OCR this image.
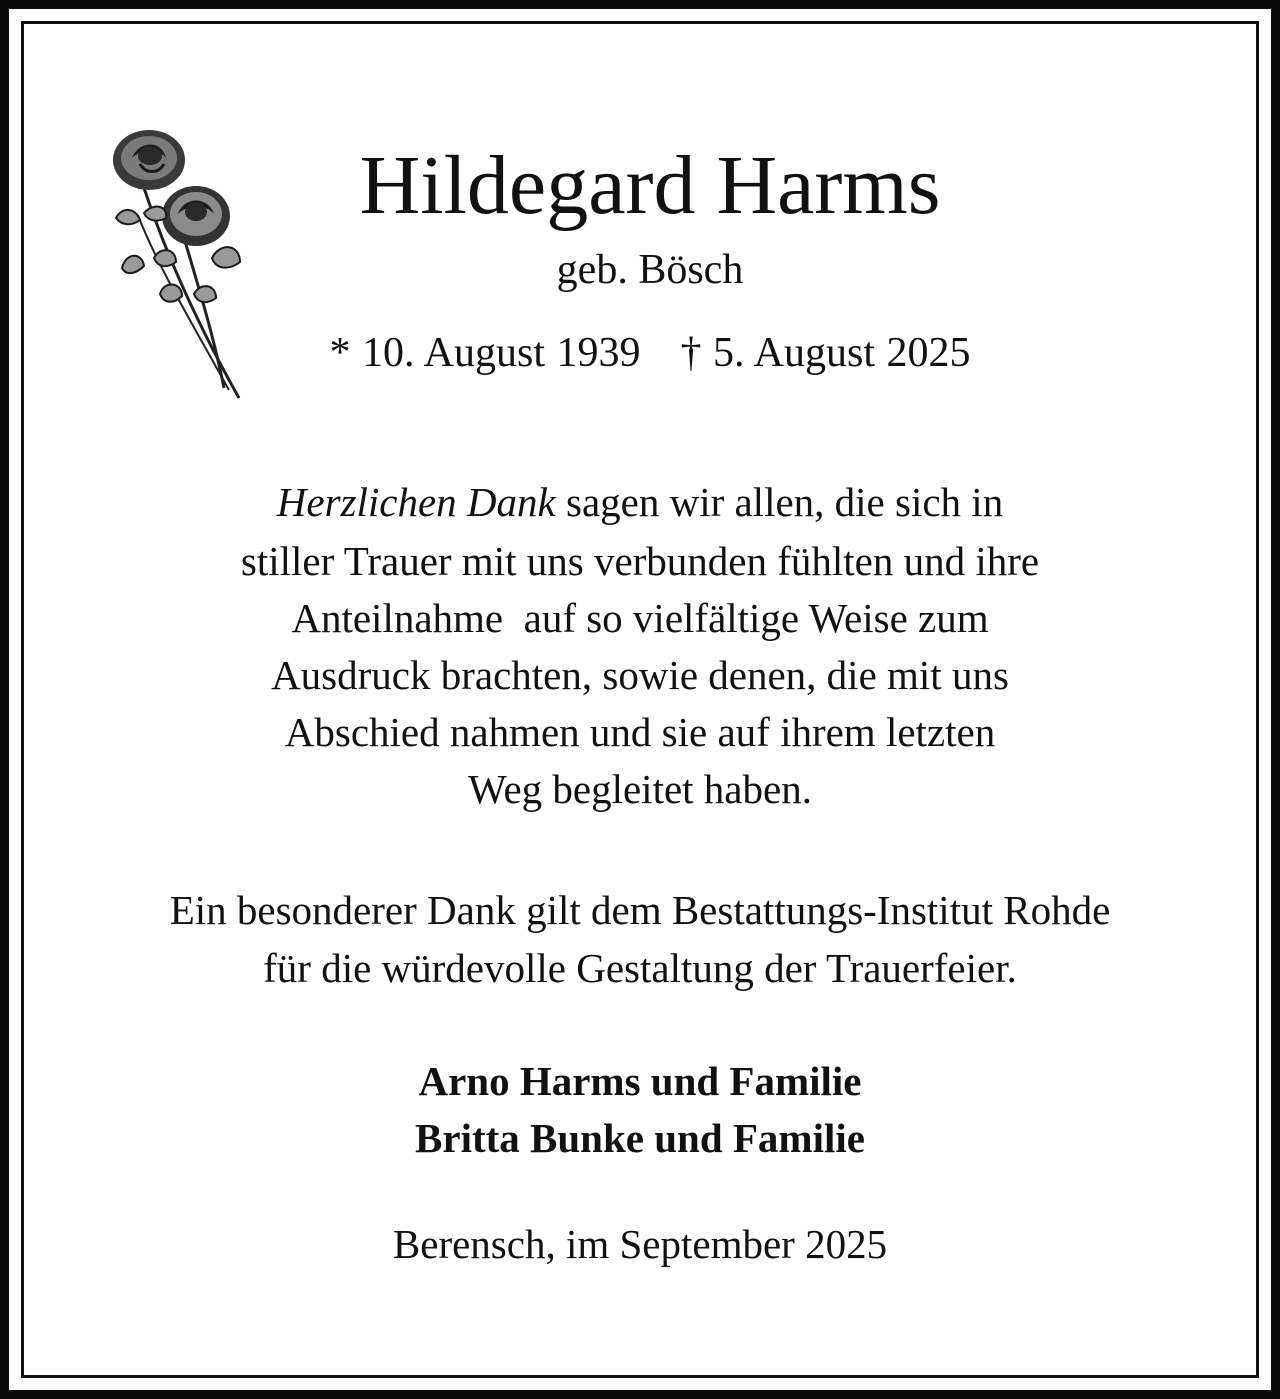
Hildegard Harms
geb. Bösch
* 10. August 1939 † 5. August 2025
Herzlichen Dank sagen wir allen, die sich in
stiller Trauer mit uns verbunden fühlten und ihre
Anteilnahme  auf so vielfältige Weise zum
Ausdruck brachten, sowie denen, die mit uns
Abschied nahmen und sie auf ihrem letzten
Weg begleitet haben.
Ein besonderer Dank gilt dem Bestattungs-Institut Rohde
für die würdevolle Gestaltung der Trauerfeier.
Arno Harms und Familie
Britta Bunke und Familie
Berensch, im September 2025
